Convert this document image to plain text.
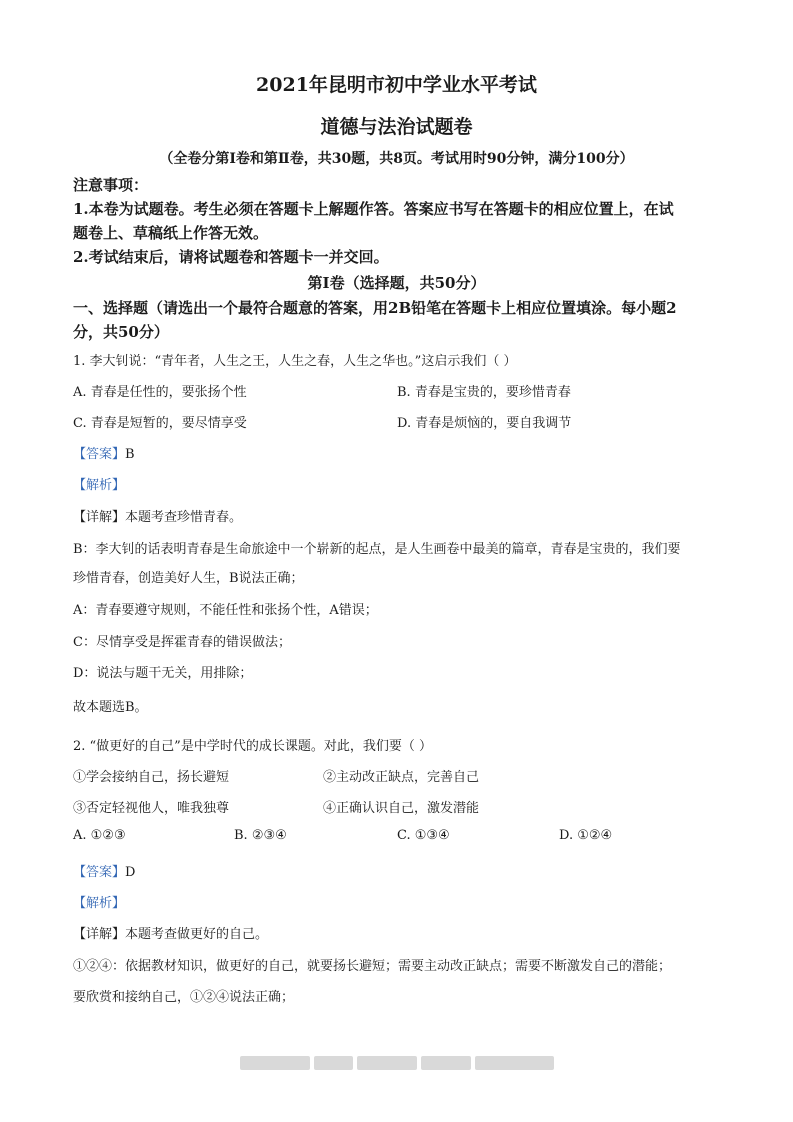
2021年昆明市初中学业水平考试
道德与法治试题卷
（全卷分第Ⅰ卷和第Ⅱ卷，共30题，共8页。考试用时90分钟，满分100分）
注意事项：
1.本卷为试题卷。考生必须在答题卡上解题作答。答案应书写在答题卡的相应位置上，在试
题卷上、草稿纸上作答无效。
2.考试结束后，请将试题卷和答题卡一并交回。
第Ⅰ卷（选择题，共50分）
一、选择题（请选出一个最符合题意的答案，用2B铅笔在答题卡上相应位置填涂。每小题2
分，共50分）
1. 李大钊说：“青年者，人生之王，人生之春，人生之华也。”这启示我们（ ）
A. 青春是任性的，要张扬个性	B. 青春是宝贵的，要珍惜青春
C. 青春是短暂的，要尽情享受	D. 青春是烦恼的，要自我调节
【答案】B
【解析】
【详解】本题考查珍惜青春。
B：李大钊的话表明青春是生命旅途中一个崭新的起点，是人生画卷中最美的篇章，青春是宝贵的，我们要
珍惜青春，创造美好人生，B说法正确；
A：青春要遵守规则，不能任性和张扬个性，A错误；
C：尽情享受是挥霍青春的错误做法；
D：说法与题干无关，用排除；
故本题选B。
2. “做更好的自己”是中学时代的成长课题。对此，我们要（ ）
①学会接纳自己，扬长避短	②主动改正缺点，完善自己
③否定轻视他人，唯我独尊	④正确认识自己，激发潜能
A. ①②③	B. ②③④	C. ①③④	D. ①②④
【答案】D
【解析】
【详解】本题考查做更好的自己。
①②④：依据教材知识，做更好的自己，就要扬长避短；需要主动改正缺点；需要不断激发自己的潜能；
要欣赏和接纳自己，①②④说法正确；
